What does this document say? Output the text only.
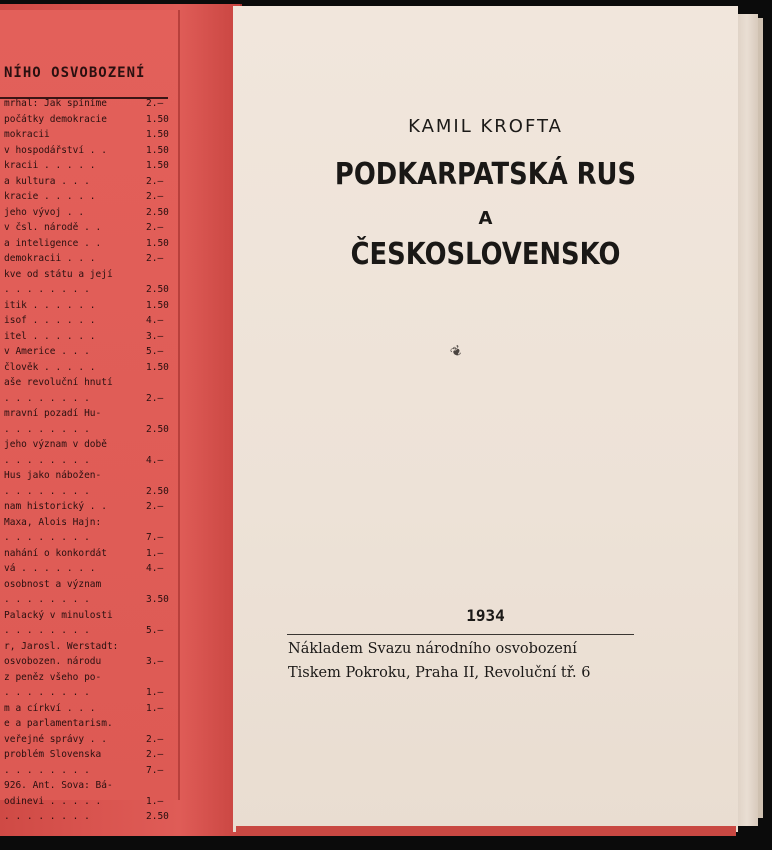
NÍHO OSVOBOZENÍ
mrhal: Jak spíníme	2.—
počátky demokracie	1.50
mokracii	1.50
v hospodářství . .	1.50
kracii . . . . .	1.50
a kultura . . .	2.—
kracie . . . . .	2.—
jeho vývoj . .	2.50
v čsl. národě . .	2.—
a inteligence . .	1.50
demokracii . . .	2.—
kve od státu a její
. . . . . . . .	2.50
itik . . . . . .	1.50
isof . . . . . .	4.—
itel . . . . . .	3.—
v Americe . . .	5.—
člověk . . . . .	1.50
aše revoluční hnutí
. . . . . . . .	2.—
mravní pozadí Hu-
. . . . . . . .	2.50
jeho význam v době
. . . . . . . .	4.—
Hus jako nábožen-
. . . . . . . .	2.50
nam historický . .	2.—
Maxa, Alois Hajn:
. . . . . . . .	7.—
nahání o konkordát	1.—
vá . . . . . . .	4.—
osobnost a význam
. . . . . . . .	3.50
Palacký v minulosti
. . . . . . . .	5.—
r, Jarosl. Werstadt:
osvobozen. národu	3.—
z peněz všeho po-
. . . . . . . .	1.—
m a církví . . .	1.—
e a parlamentarism.
veřejné správy . .	2.—
problém Slovenska	2.—
. . . . . . . .	7.—
926. Ant. Sova: Bá-
odinevi . . . . .	1.—
. . . . . . . .	2.50
KAMIL KROFTA
PODKARPATSKÁ RUS
A
ČESKOSLOVENSKO
❦
1934
Nákladem Svazu národního osvobození
Tiskem Pokroku, Praha II, Revoluční tř. 6
